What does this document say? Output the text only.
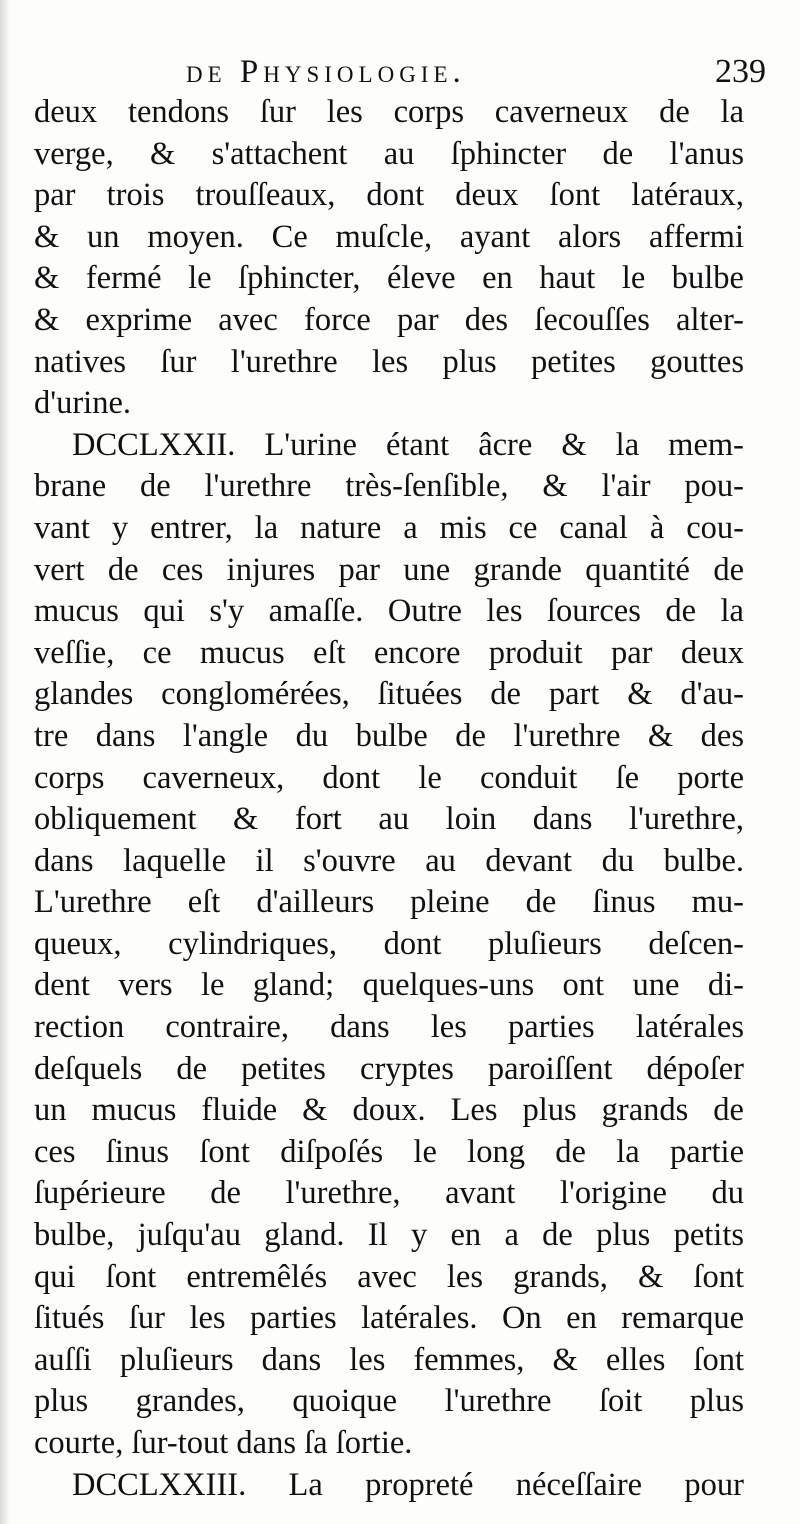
de Physiologie.	239
deux tendons ſur les corps caverneux de la
verge, & s'attachent au ſphincter de l'anus
par trois trouſſeaux, dont deux ſont latéraux,
& un moyen. Ce muſcle, ayant alors affermi
& fermé le ſphincter, éleve en haut le bulbe
& exprime avec force par des ſecouſſes alter-
natives ſur l'urethre les plus petites gouttes
d'urine.
DCCLXXII. L'urine étant âcre & la mem-
brane de l'urethre très-ſenſible, & l'air pou-
vant y entrer, la nature a mis ce canal à cou-
vert de ces injures par une grande quantité de
mucus qui s'y amaſſe. Outre les ſources de la
veſſie, ce mucus eſt encore produit par deux
glandes conglomérées, ſituées de part & d'au-
tre dans l'angle du bulbe de l'urethre & des
corps caverneux, dont le conduit ſe porte
obliquement & fort au loin dans l'urethre,
dans laquelle il s'ouvre au devant du bulbe.
L'urethre eſt d'ailleurs pleine de ſinus mu-
queux, cylindriques, dont pluſieurs deſcen-
dent vers le gland; quelques-uns ont une di-
rection contraire, dans les parties latérales
deſquels de petites cryptes paroiſſent dépoſer
un mucus fluide & doux. Les plus grands de
ces ſinus ſont diſpoſés le long de la partie
ſupérieure de l'urethre, avant l'origine du
bulbe, juſqu'au gland. Il y en a de plus petits
qui ſont entremêlés avec les grands, & ſont
ſitués ſur les parties latérales. On en remarque
auſſi pluſieurs dans les femmes, & elles ſont
plus grandes, quoique l'urethre ſoit plus
courte, ſur-tout dans ſa ſortie.
DCCLXXIII. La propreté néceſſaire pour
